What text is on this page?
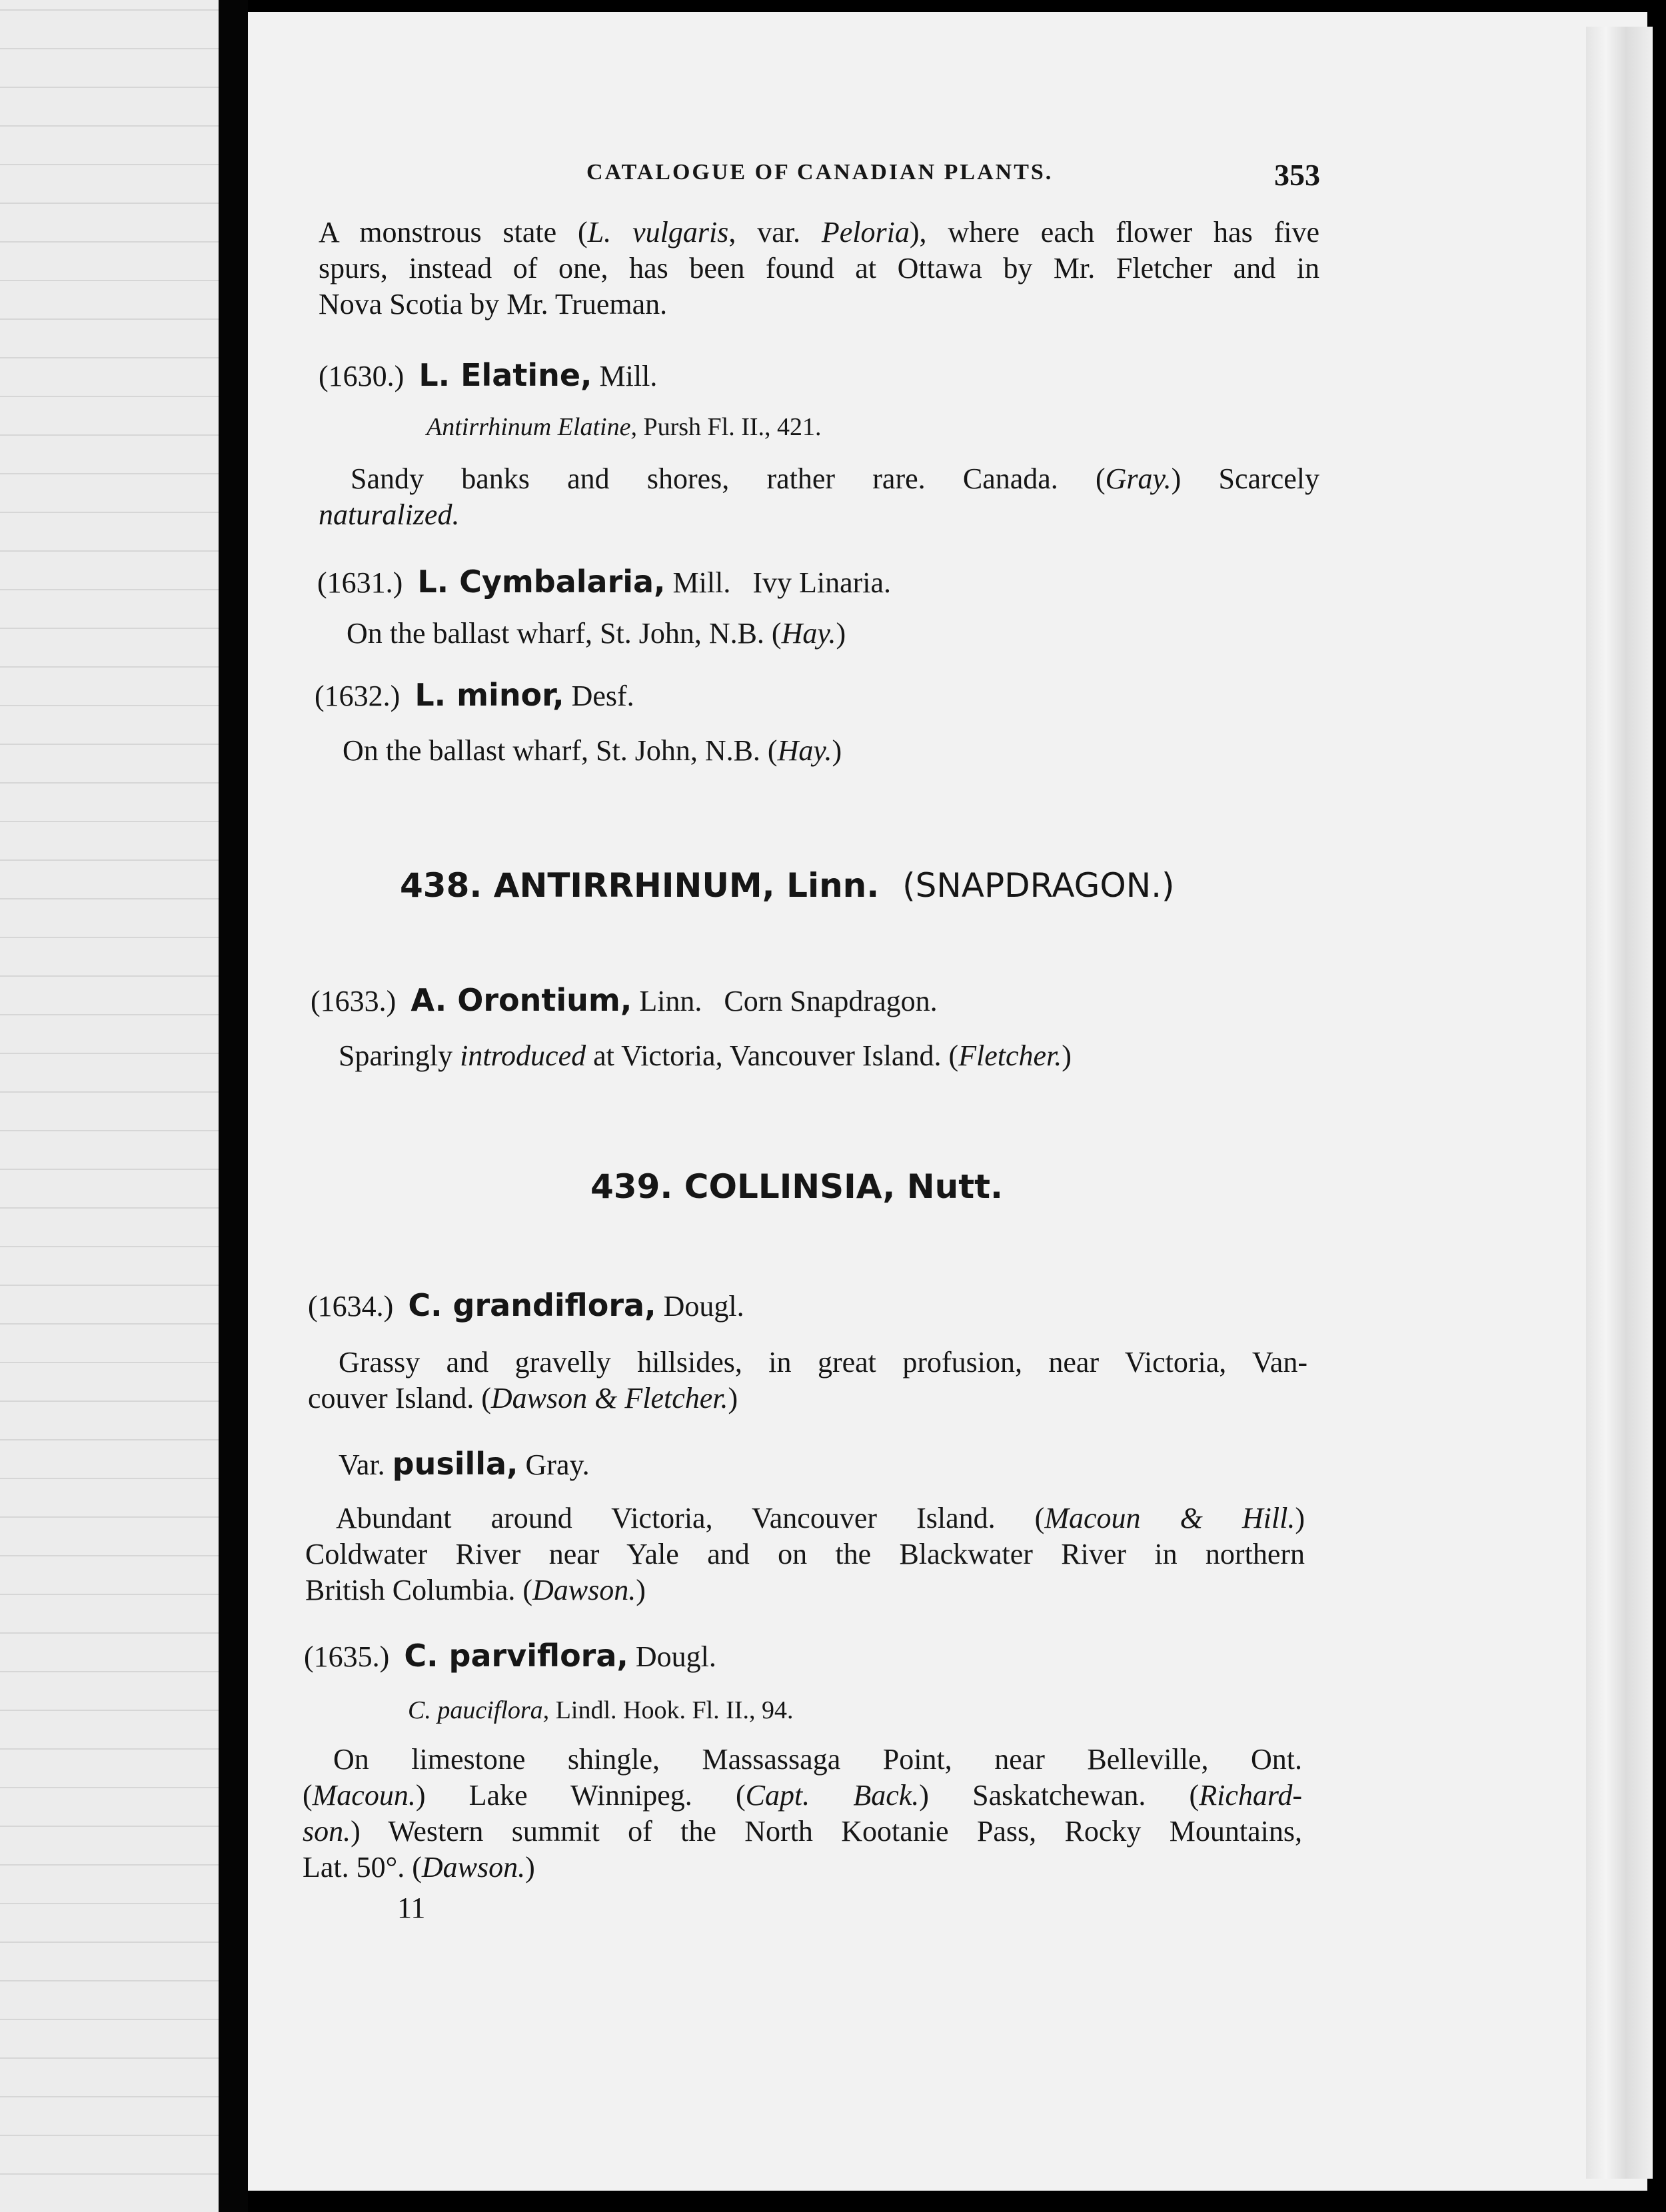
CATALOGUE OF CANADIAN PLANTS.	353
A monstrous state (L. vulgaris, var. Peloria), where each flower has five
spurs, instead of one, has been found at Ottawa by Mr. Fletcher and in
Nova Scotia by Mr. Trueman.
(1630.) L. Elatine, Mill.
Antirrhinum Elatine, Pursh Fl. II., 421.
Sandy banks and shores, rather rare. Canada. (Gray.) Scarcely
naturalized.
(1631.) L. Cymbalaria, Mill. Ivy Linaria.
On the ballast wharf, St. John, N.B. (Hay.)
(1632.) L. minor, Desf.
On the ballast wharf, St. John, N.B. (Hay.)
438. ANTIRRHINUM, Linn. (SNAPDRAGON.)
(1633.) A. Orontium, Linn. Corn Snapdragon.
Sparingly introduced at Victoria, Vancouver Island. (Fletcher.)
439. COLLINSIA, Nutt.
(1634.) C. grandiflora, Dougl.
Grassy and gravelly hillsides, in great profusion, near Victoria, Van-
couver Island. (Dawson & Fletcher.)
Var. pusilla, Gray.
Abundant around Victoria, Vancouver Island. (Macoun & Hill.)
Coldwater River near Yale and on the Blackwater River in northern
British Columbia. (Dawson.)
(1635.) C. parviflora, Dougl.
C. pauciflora, Lindl. Hook. Fl. II., 94.
On limestone shingle, Massassaga Point, near Belleville, Ont.
(Macoun.) Lake Winnipeg. (Capt. Back.) Saskatchewan. (Richard-
son.) Western summit of the North Kootanie Pass, Rocky Mountains,
Lat. 50°. (Dawson.)
11
